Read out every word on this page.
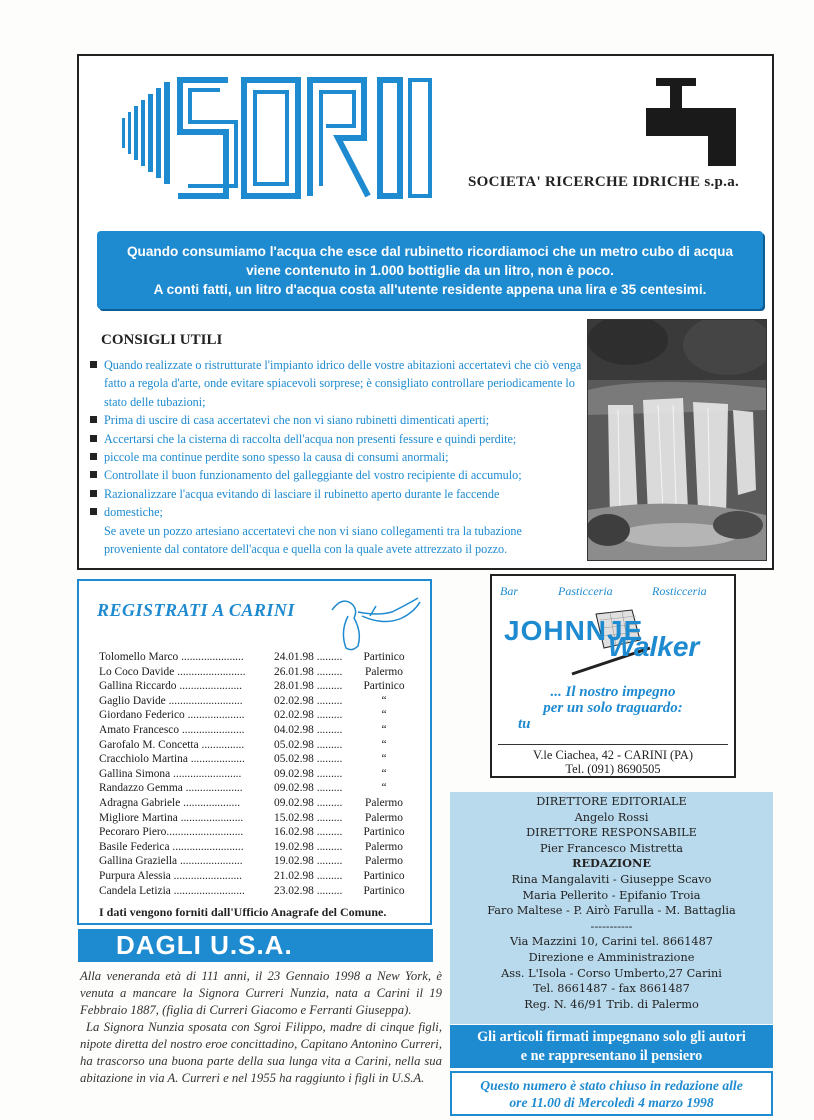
SOCIETA' RICERCHE IDRICHE s.p.a.
Quando consumiamo l'acqua che esce dal rubinetto ricordiamoci che un metro cubo di acqua
viene contenuto in 1.000 bottiglie da un litro, non è poco.
A conti fatti, un litro d'acqua costa all'utente residente appena una lira e 35 centesimi.
CONSIGLI UTILI
Quando realizzate o ristrutturate l'impianto idrico delle vostre abitazioni accertatevi che ciò venga fatto a regola d'arte, onde evitare spiacevoli sorprese; è consigliato controllare periodicamente lo stato delle tubazioni;
Prima di uscire di casa accertatevi che non vi siano rubinetti dimenticati aperti;
Accertarsi che la cisterna di raccolta dell'acqua non presenti fessure e quindi perdite;
piccole ma continue perdite sono spesso la causa di consumi anormali;
Controllate il buon funzionamento del galleggiante del vostro recipiente di accumulo;
Razionalizzare l'acqua evitando di lasciare il rubinetto aperto durante le faccende
domestiche;
Se avete un pozzo artesiano accertatevi che non vi siano collegamenti tra la tubazione proveniente dal contatore dell'acqua e quella con la quale avete attrezzato il pozzo.
REGISTRATI A CARINI
Tolomello Marco ......................	24.01.98 .........	Partinico
Lo Coco Davide ........................	26.01.98 .........	Palermo
Gallina Riccardo ......................	28.01.98 .........	Partinico
Gaglio Davide ..........................	02.02.98 .........	“
Giordano Federico ....................	02.02.98 .........	“
Amato Francesco ......................	04.02.98 .........	“
Garofalo M. Concetta ...............	05.02.98 .........	“
Cracchiolo Martina ...................	05.02.98 .........	“
Gallina Simona ........................	09.02.98 .........	“
Randazzo Gemma ....................	09.02.98 .........	“
Adragna Gabriele ....................	09.02.98 .........	Palermo
Migliore Martina ......................	15.02.98 .........	Palermo
Pecoraro Piero...........................	16.02.98 .........	Partinico
Basile Federica .........................	19.02.98 .........	Palermo
Gallina Graziella ......................	19.02.98 .........	Palermo
Purpura Alessia ........................	21.02.98 .........	Partinico
Candela Letizia .........................	23.02.98 .........	Partinico
I dati vengono forniti dall'Ufficio Anagrafe del Comune.
Bar	Pasticceria	Rosticceria
JOHNNJE
Walker
... Il nostro impegno
per un solo traguardo:
tu
V.le Ciachea, 42 - CARINI (PA)
Tel. (091) 8690505
DIRETTORE EDITORIALE
Angelo Rossi
DIRETTORE RESPONSABILE
Pier Francesco Mistretta
REDAZIONE
Rina Mangalaviti - Giuseppe Scavo
Maria Pellerito - Epifanio Troia
Faro Maltese - P. Airò Farulla - M. Battaglia
-----------
Via Mazzini 10, Carini tel. 8661487
Direzione e Amministrazione
Ass. L'Isola - Corso Umberto,27 Carini
Tel. 8661487 - fax 8661487
Reg. N. 46/91 Trib. di Palermo
Gli articoli firmati impegnano solo gli autori
e ne rappresentano il pensiero
Questo numero è stato chiuso in redazione alle
ore 11.00 di Mercoledì 4 marzo 1998
DAGLI U.S.A.

Alla veneranda età di 111 anni, il 23 Gennaio 1998 a New York, è venuta a mancare la Signora Curreri Nunzia, nata a Carini il 19 Febbraio 1887, (figlia di Curreri Giacomo e Ferranti Giuseppa).

La Signora Nunzia sposata con Sgroi Filippo, madre di cinque figli, nipote diretta del nostro eroe concittadino, Capitano Antonino Curreri, ha trascorso una buona parte della sua lunga vita a Carini, nella sua abitazione in via A. Curreri e nel 1955 ha raggiunto i figli in U.S.A.
